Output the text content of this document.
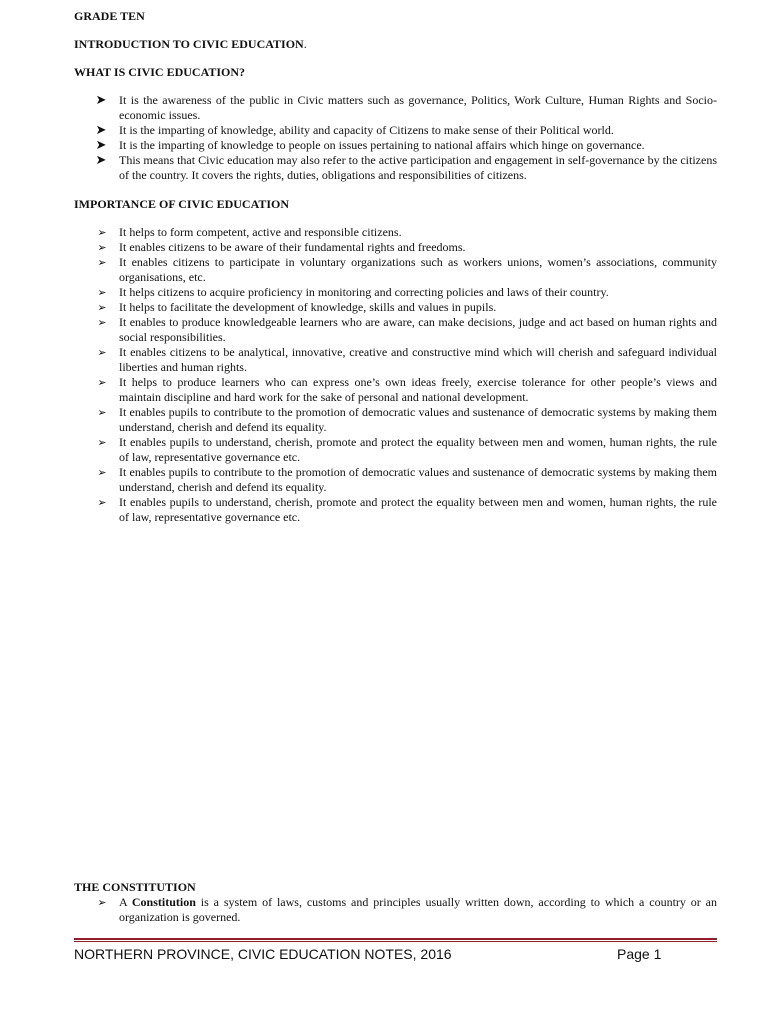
GRADE TEN
INTRODUCTION TO CIVIC EDUCATION.
WHAT IS CIVIC EDUCATION?
➤ It is the awareness of the public in Civic matters such as governance, Politics, Work Culture, Human Rights and Socio-economic issues.
➤ It is the imparting of knowledge, ability and capacity of Citizens to make sense of their Political world.
➤ It is the imparting of knowledge to people on issues pertaining to national affairs which hinge on governance.
➤ This means that Civic education may also refer to the active participation and engagement in self-governance by the citizens of the country. It covers the rights, duties, obligations and responsibilities of citizens.
IMPORTANCE OF CIVIC EDUCATION
➢ It helps to form competent, active and responsible citizens.
➢ It enables citizens to be aware of their fundamental rights and freedoms.
➢ It enables citizens to participate in voluntary organizations such as workers unions, women’s associations, community organisations, etc.
➢ It helps citizens to acquire proficiency in monitoring and correcting policies and laws of their country.
➢ It helps to facilitate the development of knowledge, skills and values in pupils.
➢ It enables to produce knowledgeable learners who are aware, can make decisions, judge and act based on human rights and social responsibilities.
➢ It enables citizens to be analytical, innovative, creative and constructive mind which will cherish and safeguard individual liberties and human rights.
➢ It helps to produce learners who can express one’s own ideas freely, exercise tolerance for other people’s views and maintain discipline and hard work for the sake of personal and national development.
➢ It enables pupils to contribute to the promotion of democratic values and sustenance of democratic systems by making them understand, cherish and defend its equality.
➢ It enables pupils to understand, cherish, promote and protect the equality between men and women, human rights, the rule of law, representative governance etc.
➢ It enables pupils to contribute to the promotion of democratic values and sustenance of democratic systems by making them understand, cherish and defend its equality.
➢ It enables pupils to understand, cherish, promote and protect the equality between men and women, human rights, the rule of law, representative governance etc.
THE CONSTITUTION
➢ A Constitution is a system of laws, customs and principles usually written down, according to which a country or an organization is governed.
NORTHERN PROVINCE, CIVIC EDUCATION NOTES, 2016	Page 1
